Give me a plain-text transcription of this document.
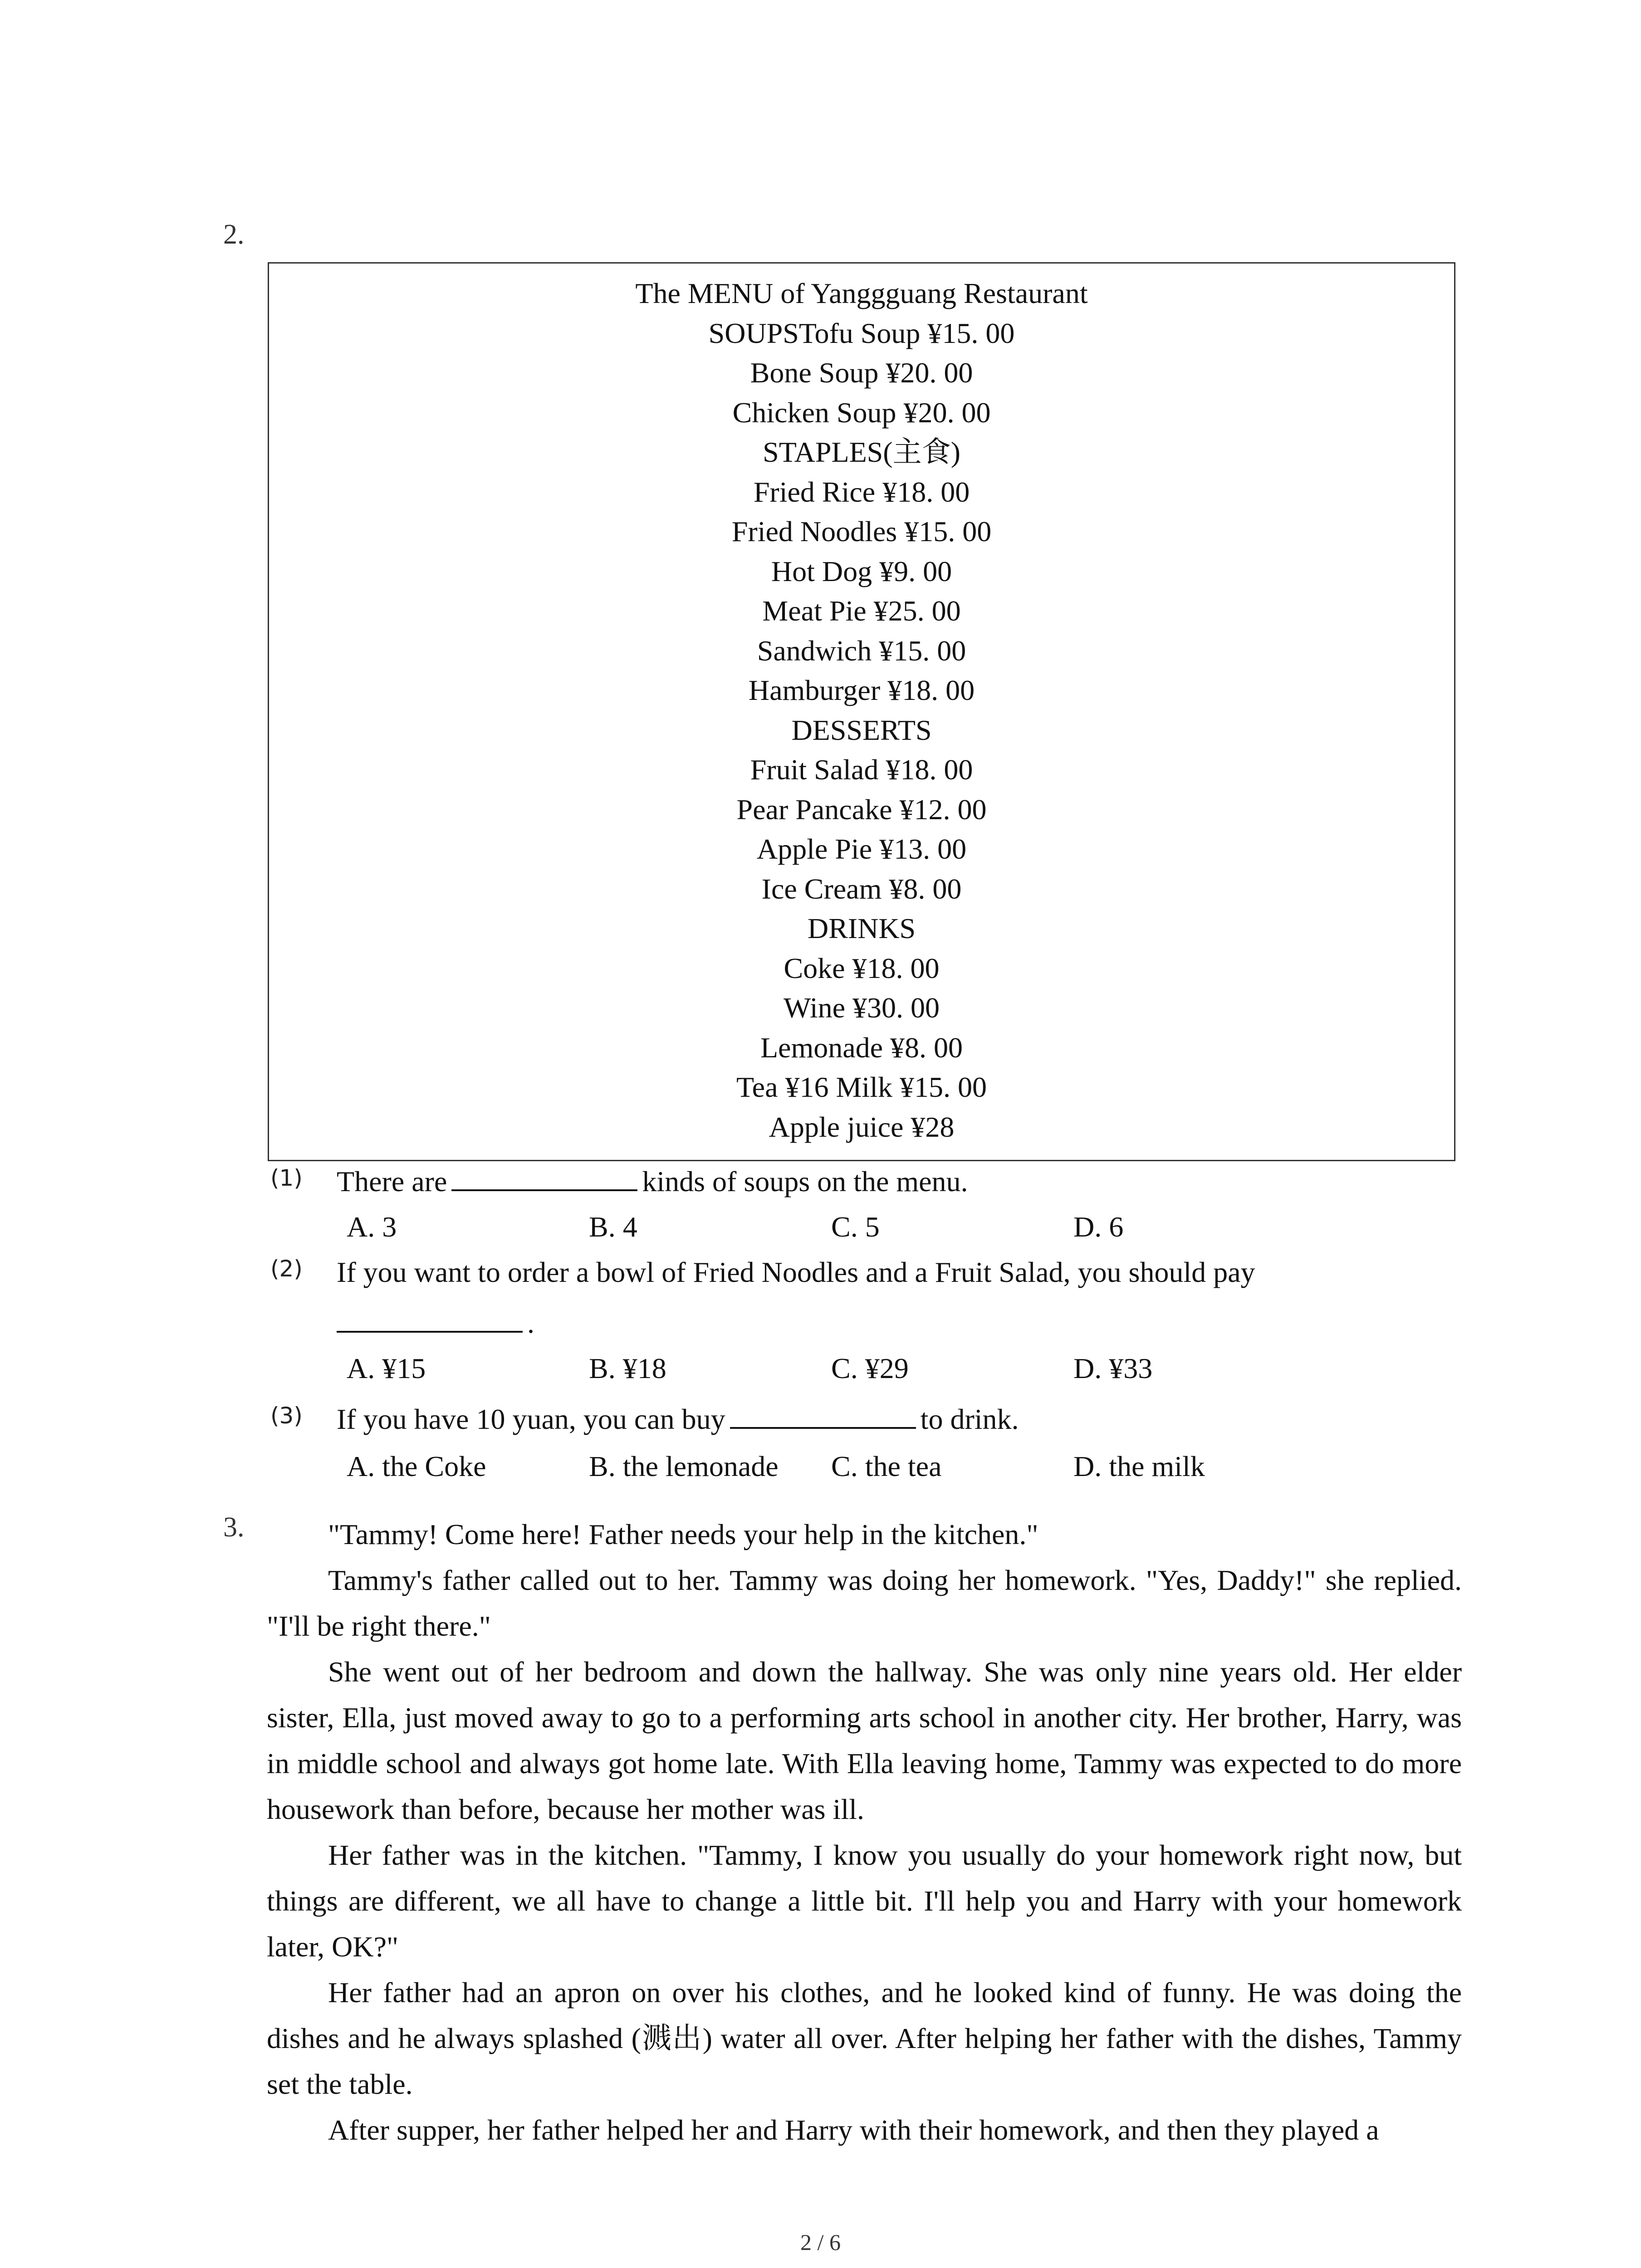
2.
The MENU of Yanggguang Restaurant
SOUPSTofu Soup ¥15. 00
Bone Soup ¥20. 00
Chicken Soup ¥20. 00
STAPLES(主食)
Fried Rice ¥18. 00
Fried Noodles ¥15. 00
Hot Dog ¥9. 00
Meat Pie ¥25. 00
Sandwich ¥15. 00
Hamburger ¥18. 00
DESSERTS
Fruit Salad ¥18. 00
Pear Pancake ¥12. 00
Apple Pie ¥13. 00
Ice Cream ¥8. 00
DRINKS
Coke ¥18. 00
Wine ¥30. 00
Lemonade ¥8. 00
Tea ¥16 Milk ¥15. 00
Apple juice ¥28
(1) There are	kinds of soups on the menu.
A. 3	B. 4	C. 5	D. 6
(2) If you want to order a bowl of Fried Noodles and a Fruit Salad, you should pay
.
A. ¥15	B. ¥18	C. ¥29	D. ¥33
(3) If you have 10 yuan, you can buy	to drink.
A. the Coke	B. the lemonade C. the tea	D. the milk
3.	"Tammy! Come here! Father needs your help in the kitchen."

Tammy's father called out to her. Tammy was doing her homework. "Yes, Daddy!" she replied. "I'll be right there."

She went out of her bedroom and down the hallway. She was only nine years old. Her elder sister, Ella, just moved away to go to a performing arts school in another city. Her brother, Harry, was in middle school and always got home late. With Ella leaving home, Tammy was expected to do more housework than before, because her mother was ill.

Her father was in the kitchen. "Tammy, I know you usually do your homework right now, but things are different, we all have to change a little bit. I'll help you and Harry with your homework later, OK?"

Her father had an apron on over his clothes, and he looked kind of funny. He was doing the dishes and he always splashed (溅出) water all over. After helping her father with the dishes, Tammy set the table.

After supper, her father helped her and Harry with their homework, and then they played a

2 / 6
